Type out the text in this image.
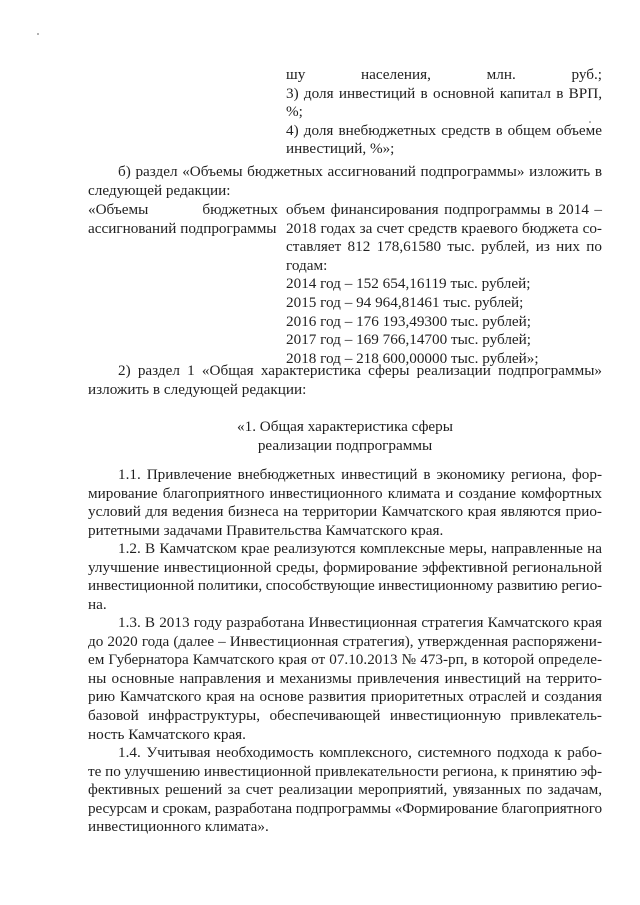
шу населения, млн. руб.;
3) доля инвестиций в основной капитал в ВРП,
%;
4) доля внебюджетных средств в общем объеме
инвестиций, %»;
б) раздел «Объемы бюджетных ассигнований подпрограммы» изложить в
следующей редакции:
«Объемы бюджетных
ассигнований подпрограммы
объем финансирования подпрограммы в 2014 –
2018 годах за счет средств краевого бюджета со-
ставляет 812 178,61580 тыс. рублей, из них по
годам:
2014 год – 152 654,16119 тыс. рублей;
2015 год – 94 964,81461 тыс. рублей;
2016 год – 176 193,49300 тыс. рублей;
2017 год – 169 766,14700 тыс. рублей;
2018 год – 218 600,00000 тыс. рублей»;
2) раздел 1 «Общая характеристика сферы реализации подпрограммы»
изложить в следующей редакции:
«1. Общая характеристика сферы
реализации подпрограммы
1.1. Привлечение внебюджетных инвестиций в экономику региона, фор-
мирование благоприятного инвестиционного климата и создание комфортных
условий для ведения бизнеса на территории Камчатского края являются прио-
ритетными задачами Правительства Камчатского края.
1.2. В Камчатском крае реализуются комплексные меры, направленные на
улучшение инвестиционной среды, формирование эффективной региональной
инвестиционной политики, способствующие инвестиционному развитию регио-
на.
1.3. В 2013 году разработана Инвестиционная стратегия Камчатского края
до 2020 года (далее – Инвестиционная стратегия), утвержденная распоряжени-
ем Губернатора Камчатского края от 07.10.2013 № 473-рп, в которой определе-
ны основные направления и механизмы привлечения инвестиций на террито-
рию Камчатского края на основе развития приоритетных отраслей и создания
базовой инфраструктуры, обеспечивающей инвестиционную привлекатель-
ность Камчатского края.
1.4. Учитывая необходимость комплексного, системного подхода к рабо-
те по улучшению инвестиционной привлекательности региона, к принятию эф-
фективных решений за счет реализации мероприятий, увязанных по задачам,
ресурсам и срокам, разработана подпрограммы «Формирование благоприятного
инвестиционного климата».
